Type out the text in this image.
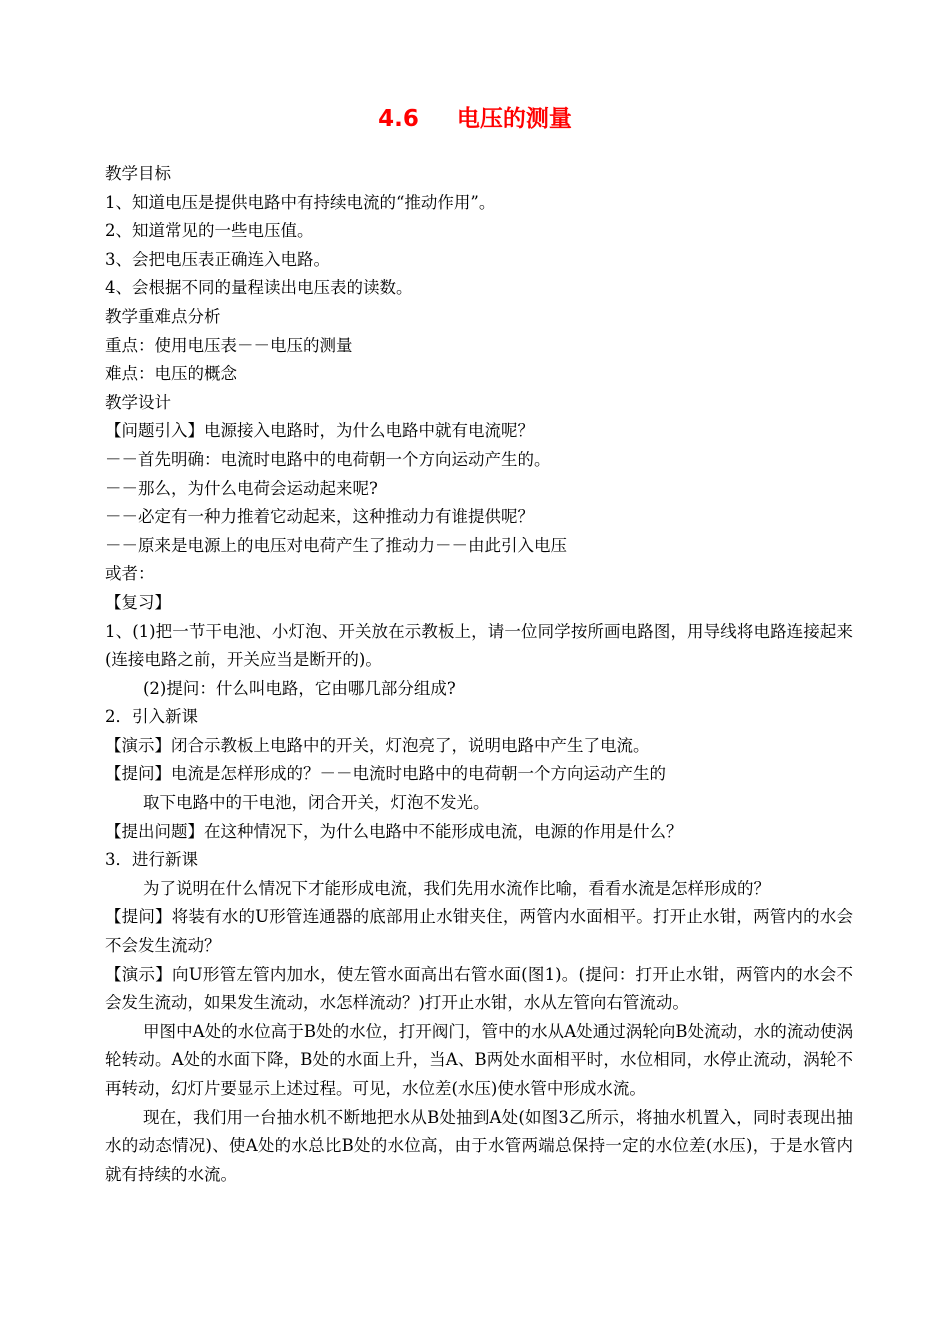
4.6 电压的测量
教学目标
1、知道电压是提供电路中有持续电流的“推动作用”。
2、知道常见的一些电压值。
3、会把电压表正确连入电路。
4、会根据不同的量程读出电压表的读数。
教学重难点分析
重点：使用电压表－－电压的测量
难点：电压的概念
教学设计
【问题引入】电源接入电路时，为什么电路中就有电流呢？
－－首先明确：电流时电路中的电荷朝一个方向运动产生的。
－－那么，为什么电荷会运动起来呢?
－－必定有一种力推着它动起来，这种推动力有谁提供呢？
－－原来是电源上的电压对电荷产生了推动力－－由此引入电压
或者：
【复习】
1、(1)把一节干电池、小灯泡、开关放在示教板上，请一位同学按所画电路图，用导线将电路连接起来(连接电路之前，开关应当是断开的)。
(2)提问：什么叫电路，它由哪几部分组成?
2．引入新课
【演示】闭合示教板上电路中的开关，灯泡亮了，说明电路中产生了电流。
【提问】电流是怎样形成的？－－电流时电路中的电荷朝一个方向运动产生的
取下电路中的干电池，闭合开关，灯泡不发光。
【提出问题】在这种情况下，为什么电路中不能形成电流，电源的作用是什么？
3．进行新课
为了说明在什么情况下才能形成电流，我们先用水流作比喻，看看水流是怎样形成的？
【提问】将装有水的U形管连通器的底部用止水钳夹住，两管内水面相平。打开止水钳，两管内的水会不会发生流动？
【演示】向U形管左管内加水，使左管水面高出右管水面(图1)。(提问：打开止水钳，两管内的水会不会发生流动，如果发生流动，水怎样流动？)打开止水钳，水从左管向右管流动。
甲图中A处的水位高于B处的水位，打开阀门，管中的水从A处通过涡轮向B处流动，水的流动使涡轮转动。A处的水面下降，B处的水面上升，当A、B两处水面相平时，水位相同，水停止流动，涡轮不再转动，幻灯片要显示上述过程。可见，水位差(水压)使水管中形成水流。
现在，我们用一台抽水机不断地把水从B处抽到A处(如图3乙所示，将抽水机置入，同时表现出抽水的动态情况)、使A处的水总比B处的水位高，由于水管两端总保持一定的水位差(水压)，于是水管内就有持续的水流。
